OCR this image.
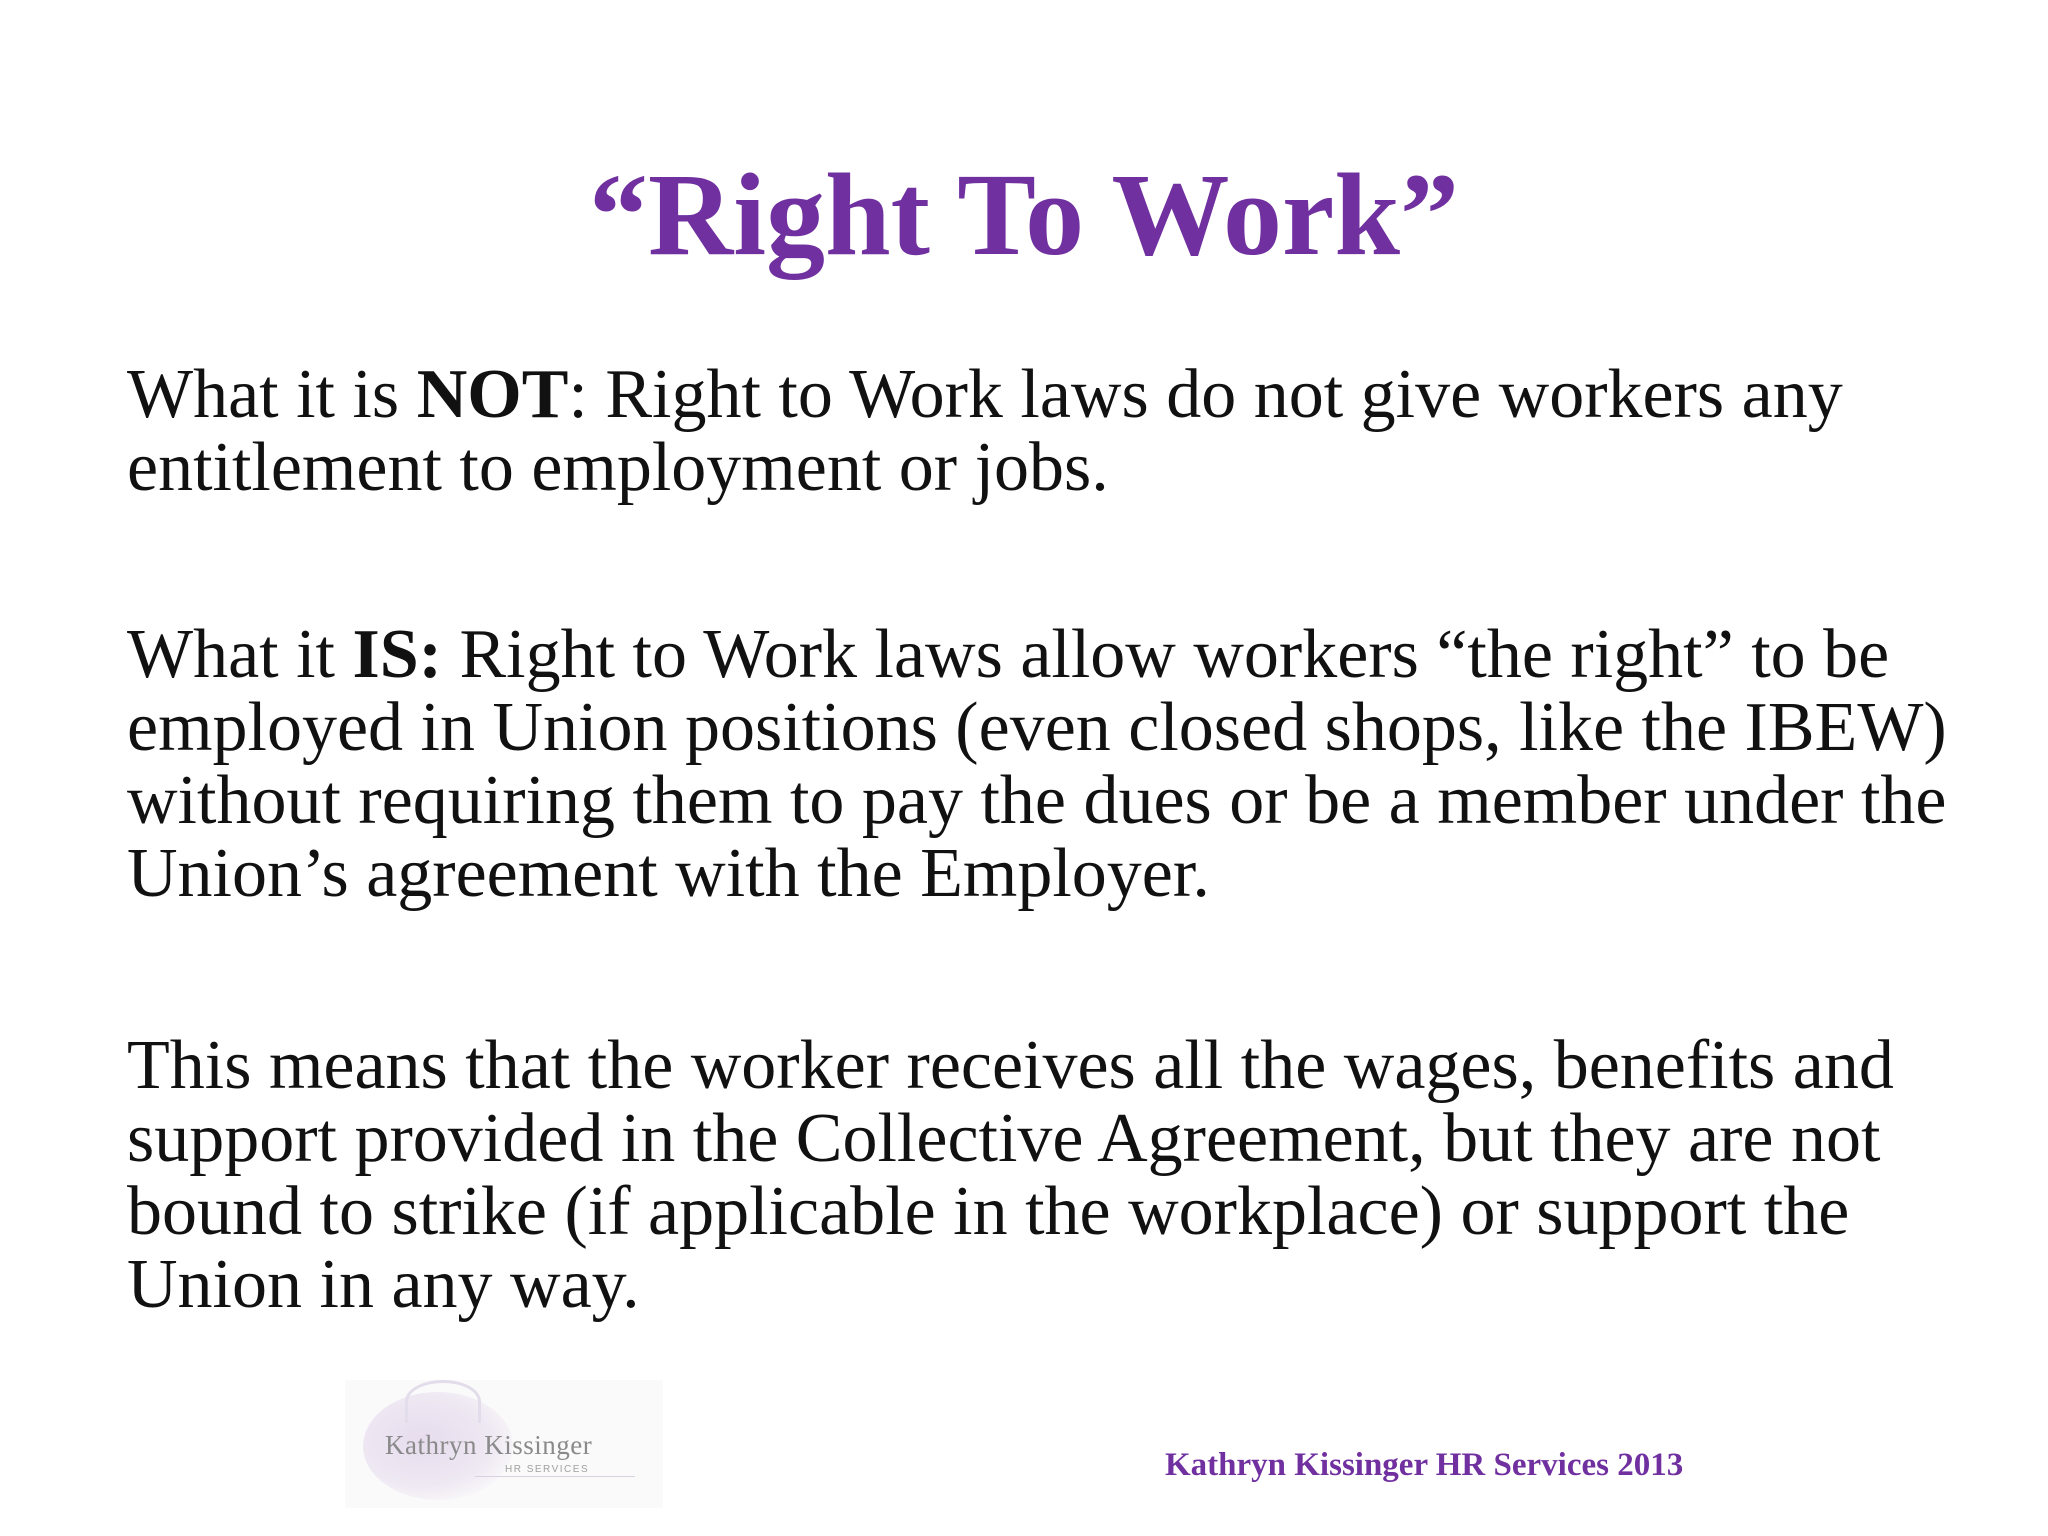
“Right To Work”

What it is NOT: Right to Work laws do not give workers any entitlement to employment or jobs.

What it IS: Right to Work laws allow workers “the right” to be employed in Union positions (even closed shops, like the IBEW) without requiring them to pay the dues or be a member under the Union’s agreement with the Employer.

This means that the worker receives all the wages, benefits and support provided in the Collective Agreement, but they are not bound to strike (if applicable in the workplace) or support the Union in any way.

Kathryn Kissinger
HR SERVICES	Kathryn Kissinger HR Services 2013
